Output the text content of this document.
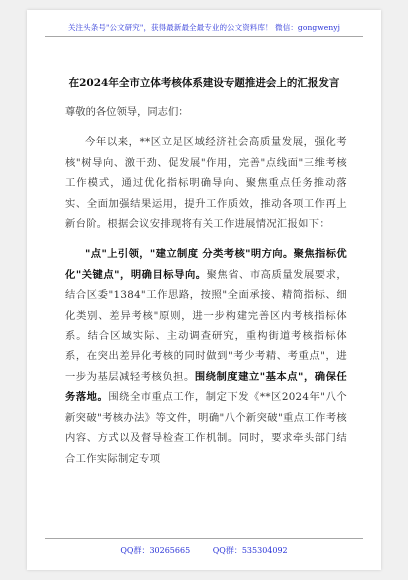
关注头条号"公文研究"，获得最新最全最专业的公文资料库！ 微信：gongwenyj
在2024年全市立体考核体系建设专题推进会上的汇报发言

尊敬的各位领导，同志们：

今年以来，**区立足区域经济社会高质量发展，强化考核"树导向、激干劲、促发展"作用，完善"点线面"三维考核工作模式，通过优化指标明确导向、聚焦重点任务推动落实、全面加强结果运用，提升工作质效，推动各项工作再上新台阶。根据会议安排现将有关工作进展情况汇报如下：

"点"上引领，"建立制度 分类考核"明方向。聚焦指标优化"关键点"，明确目标导向。聚焦省、市高质量发展要求，结合区委"1384"工作思路，按照"全面承接、精简指标、细化类别、差异考核"原则，进一步构建完善区内考核指标体系。结合区域实际、主动调查研究，重构街道考核指标体系，在突出差异化考核的同时做到"考少考精、考重点"，进一步为基层减轻考核负担。围绕制度建立"基本点"，确保任务落地。围绕全市重点工作，制定下发《**区2024年"八个新突破"考核办法》等文件，明确"八个新突破"重点工作考核内容、方式以及督导检查工作机制。同时，要求牵头部门结合工作实际制定专项

QQ群：30265665	QQ群：535304092
